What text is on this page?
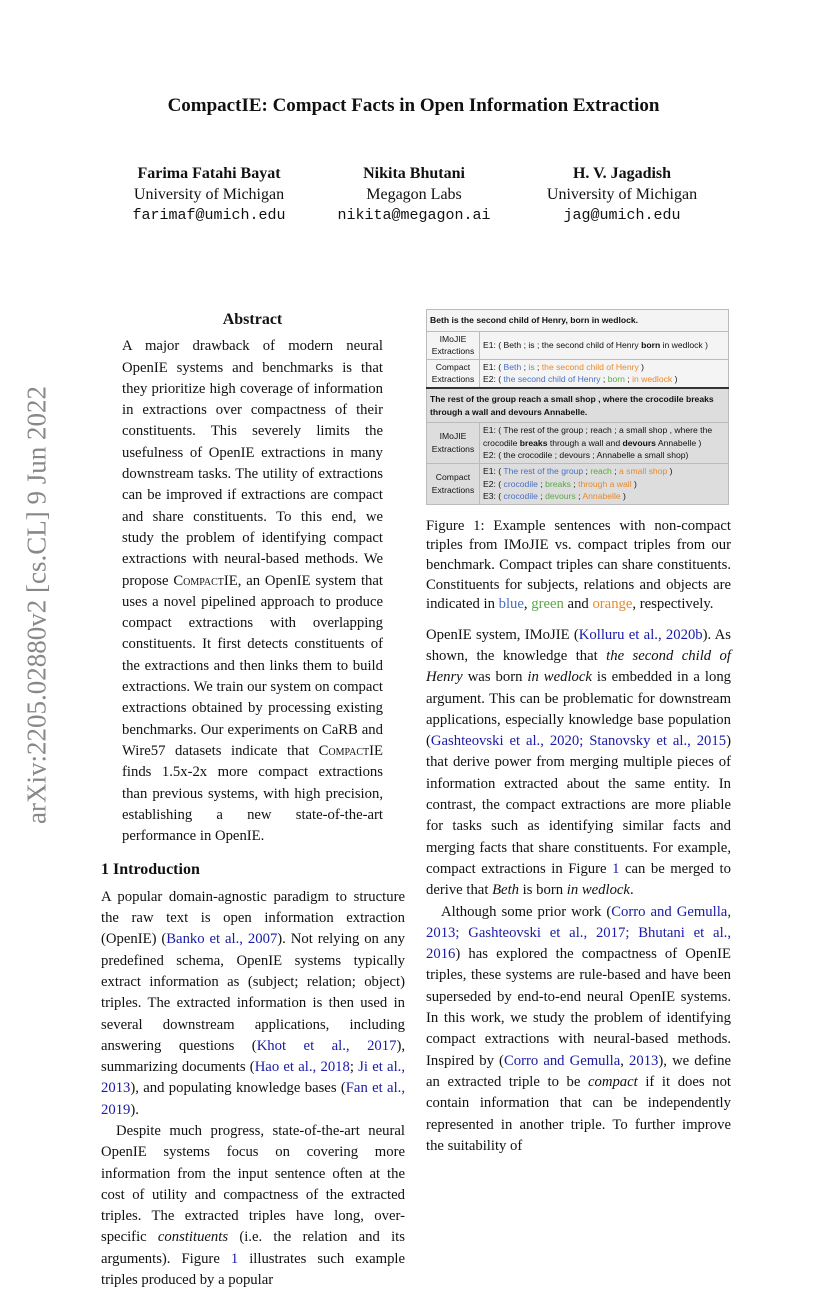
CompactIE: Compact Facts in Open Information Extraction
Farima Fatahi Bayat
University of Michigan
farimaf@umich.edu
Nikita Bhutani
Megagon Labs
nikita@megagon.ai
H. V. Jagadish
University of Michigan
jag@umich.edu
arXiv:2205.02880v2 [cs.CL] 9 Jun 2022
Abstract

A major drawback of modern neural OpenIE systems and benchmarks is that they prioritize high coverage of information in extractions over compactness of their constituents. This severely limits the usefulness of OpenIE extractions in many downstream tasks. The utility of extractions can be improved if extractions are compact and share constituents. To this end, we study the problem of identifying compact extractions with neural-based methods. We propose CompactIE, an OpenIE system that uses a novel pipelined approach to produce compact extractions with overlapping constituents. It first detects constituents of the extractions and then links them to build extractions. We train our system on compact extractions obtained by processing existing benchmarks. Our experiments on CaRB and Wire57 datasets indicate that CompactIE finds 1.5x-2x more compact extractions than previous systems, with high precision, establishing a new state-of-the-art performance in OpenIE.

1 Introduction

A popular domain-agnostic paradigm to structure the raw text is open information extraction (OpenIE) (Banko et al., 2007). Not relying on any predefined schema, OpenIE systems typically extract information as (subject; relation; object) triples. The extracted information is then used in several downstream applications, including answering questions (Khot et al., 2017), summarizing documents (Hao et al., 2018; Ji et al., 2013), and populating knowledge bases (Fan et al., 2019).

Despite much progress, state-of-the-art neural OpenIE systems focus on covering more information from the input sentence often at the cost of utility and compactness of the extracted triples. The extracted triples have long, over-specific constituents (i.e. the relation and its arguments). Figure 1 illustrates such example triples produced by a popular

Beth is the second child of Henry, born in wedlock.	
IMoJIE Extractions	E1: ( Beth ; is ; the second child of Henry born in wedlock )

Compact Extractions	E1: ( Beth ; is ; the second child of Henry )
E2: ( the second child of Henry ; born ; in wedlock )

The rest of the group reach a small shop , where the crocodile breaks through a wall and devours Annabelle.	
IMoJIE Extractions	E1: ( The rest of the group ; reach ; a small shop , where the crocodile breaks through a wall and devours Annabelle )
E2: ( the crocodile ; devours ; Annabelle a small shop)

Compact Extractions	E1: ( The rest of the group ; reach ; a small shop )
E2: ( crocodile ; breaks ; through a wall )
E3: ( crocodile ; devours ; Annabelle )
Figure 1: Example sentences with non-compact triples from IMoJIE vs. compact triples from our benchmark. Compact triples can share constituents. Constituents for subjects, relations and objects are indicated in blue, green and orange, respectively.

OpenIE system, IMoJIE (Kolluru et al., 2020b). As shown, the knowledge that the second child of Henry was born in wedlock is embedded in a long argument. This can be problematic for downstream applications, especially knowledge base population (Gashteovski et al., 2020; Stanovsky et al., 2015) that derive power from merging multiple pieces of information extracted about the same entity. In contrast, the compact extractions are more pliable for tasks such as identifying similar facts and merging facts that share constituents. For example, compact extractions in Figure 1 can be merged to derive that Beth is born in wedlock.

Although some prior work (Corro and Gemulla, 2013; Gashteovski et al., 2017; Bhutani et al., 2016) has explored the compactness of OpenIE triples, these systems are rule-based and have been superseded by end-to-end neural OpenIE systems. In this work, we study the problem of identifying compact extractions with neural-based methods. Inspired by (Corro and Gemulla, 2013), we define an extracted triple to be compact if it does not contain information that can be independently represented in another triple. To further improve the suitability of
